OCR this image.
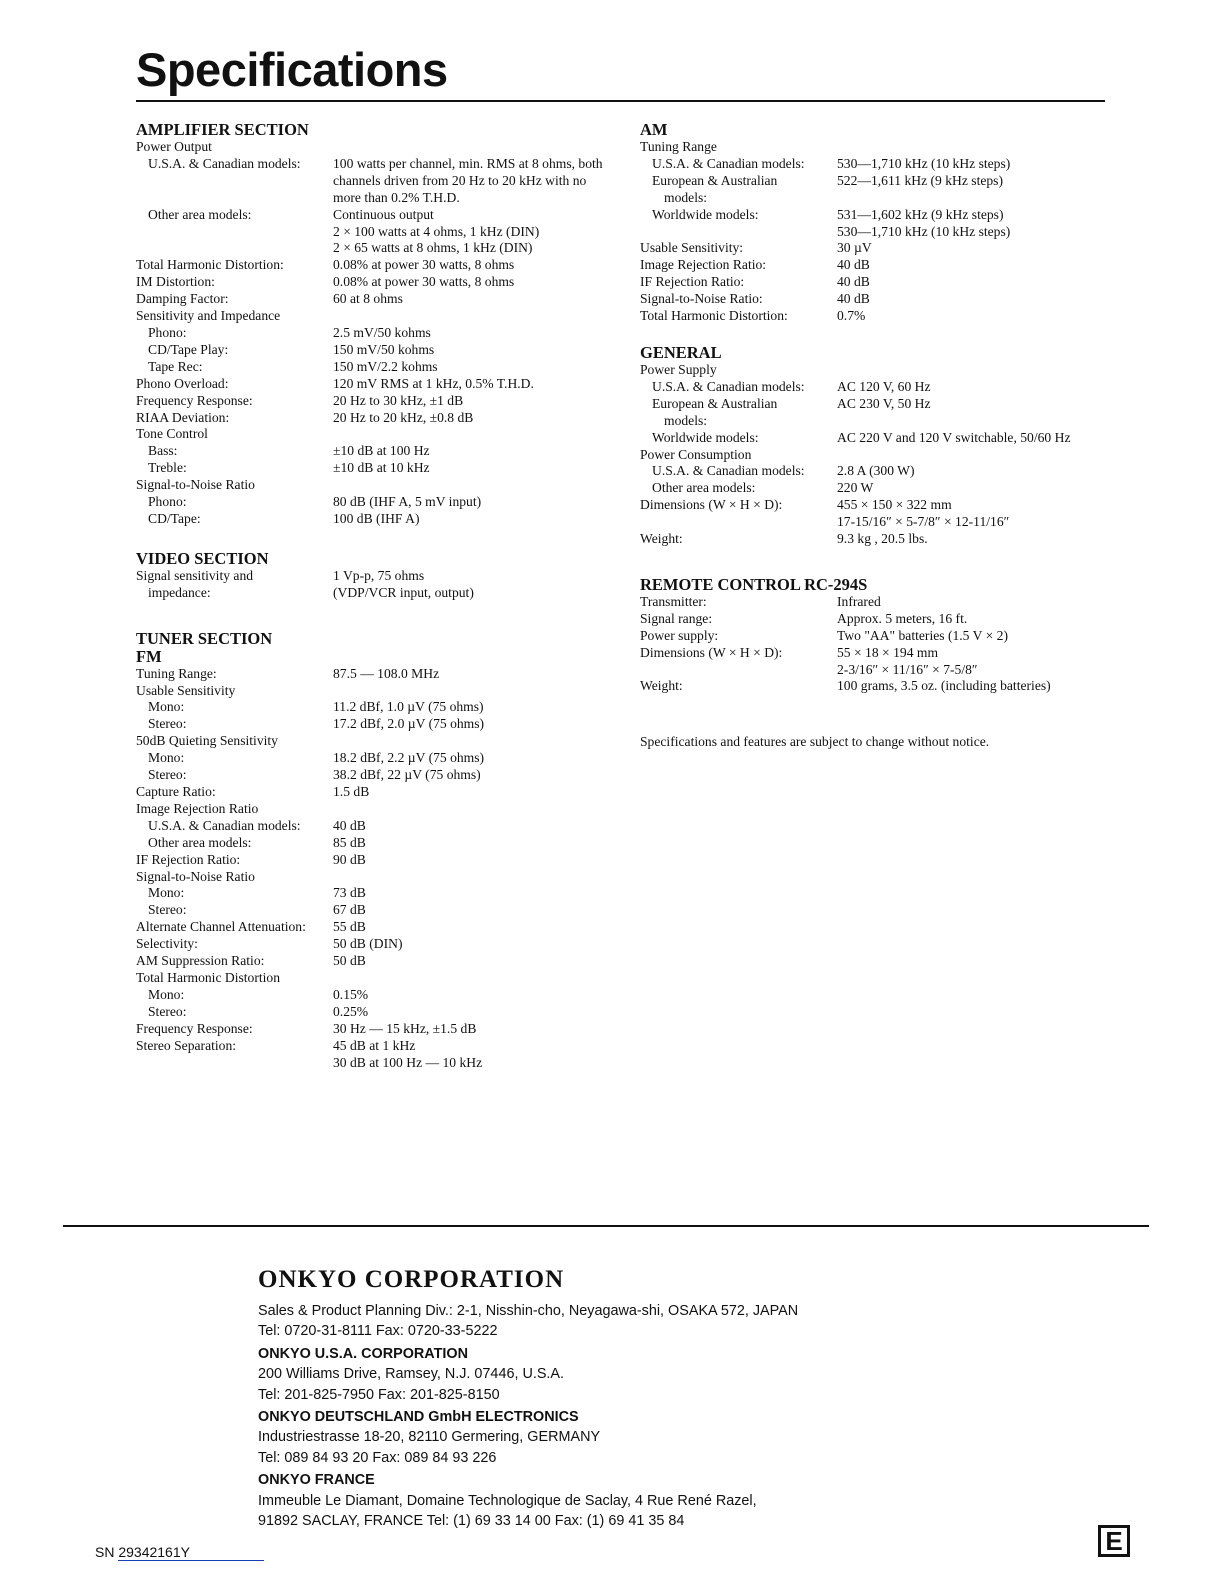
Specifications
AMPLIFIER SECTION
Power Output
U.S.A. & Canadian models:	100 watts per channel, min. RMS at 8 ohms, both channels driven from 20 Hz to 20 kHz with no more than 0.2% T.H.D.
Other area models:	Continuous output
2 × 100 watts at 4 ohms, 1 kHz (DIN)
2 × 65 watts at 8 ohms, 1 kHz (DIN)
Total Harmonic Distortion:	0.08% at power 30 watts, 8 ohms
IM Distortion:	0.08% at power 30 watts, 8 ohms
Damping Factor:	60 at 8 ohms
Sensitivity and Impedance
Phono:	2.5 mV/50 kohms
CD/Tape Play:	150 mV/50 kohms
Tape Rec:	150 mV/2.2 kohms
Phono Overload:	120 mV RMS at 1 kHz, 0.5% T.H.D.
Frequency Response:	20 Hz to 30 kHz, ±1 dB
RIAA Deviation:	20 Hz to 20 kHz, ±0.8 dB
Tone Control
Bass:	±10 dB at 100 Hz
Treble:	±10 dB at 10 kHz
Signal-to-Noise Ratio
Phono:	80 dB (IHF A, 5 mV input)
CD/Tape:	100 dB (IHF A)
VIDEO SECTION
Signal sensitivity and	1 Vp-p, 75 ohms
impedance:	(VDP/VCR input, output)
TUNER SECTION
FM
Tuning Range:	87.5 — 108.0 MHz
Usable Sensitivity
Mono:	11.2 dBf, 1.0 µV (75 ohms)
Stereo:	17.2 dBf, 2.0 µV (75 ohms)
50dB Quieting Sensitivity
Mono:	18.2 dBf, 2.2 µV (75 ohms)
Stereo:	38.2 dBf, 22 µV (75 ohms)
Capture Ratio:	1.5 dB
Image Rejection Ratio
U.S.A. & Canadian models:	40 dB
Other area models:	85 dB
IF Rejection Ratio:	90 dB
Signal-to-Noise Ratio
Mono:	73 dB
Stereo:	67 dB
Alternate Channel Attenuation:	55 dB
Selectivity:	50 dB (DIN)
AM Suppression Ratio:	50 dB
Total Harmonic Distortion
Mono:	0.15%
Stereo:	0.25%
Frequency Response:	30 Hz — 15 kHz, ±1.5 dB
Stereo Separation:	45 dB at 1 kHz
30 dB at 100 Hz — 10 kHz
AM
Tuning Range
U.S.A. & Canadian models:	530—1,710 kHz (10 kHz steps)
European & Australian	522—1,611 kHz (9 kHz steps)
models:
Worldwide models:	531—1,602 kHz (9 kHz steps)
530—1,710 kHz (10 kHz steps)
Usable Sensitivity:	30 µV
Image Rejection Ratio:	40 dB
IF Rejection Ratio:	40 dB
Signal-to-Noise Ratio:	40 dB
Total Harmonic Distortion:	0.7%
GENERAL
Power Supply
U.S.A. & Canadian models:	AC 120 V, 60 Hz
European & Australian	AC 230 V, 50 Hz
models:
Worldwide models:	AC 220 V and 120 V switchable, 50/60 Hz
Power Consumption
U.S.A. & Canadian models:	2.8 A (300 W)
Other area models:	220 W
Dimensions (W × H × D):	455 × 150 × 322 mm
17-15/16″ × 5-7/8″ × 12-11/16″
Weight:	9.3 kg , 20.5 lbs.
REMOTE CONTROL RC-294S
Transmitter:	Infrared
Signal range:	Approx. 5 meters, 16 ft.
Power supply:	Two "AA" batteries (1.5 V × 2)
Dimensions (W × H × D):	55 × 18 × 194 mm
2-3/16″ × 11/16″ × 7-5/8″
Weight:	100 grams, 3.5 oz. (including batteries)
Specifications and features are subject to change without notice.
ONKYO CORPORATION
Sales & Product Planning Div.: 2-1, Nisshin-cho, Neyagawa-shi, OSAKA 572, JAPAN
Tel: 0720-31-8111 Fax: 0720-33-5222
ONKYO U.S.A. CORPORATION
200 Williams Drive, Ramsey, N.J. 07446, U.S.A.
Tel: 201-825-7950 Fax: 201-825-8150
ONKYO DEUTSCHLAND GmbH ELECTRONICS
Industriestrasse 18-20, 82110 Germering, GERMANY
Tel: 089 84 93 20 Fax: 089 84 93 226
ONKYO FRANCE
Immeuble Le Diamant, Domaine Technologique de Saclay, 4 Rue René Razel,
91892 SACLAY, FRANCE Tel: (1) 69 33 14 00 Fax: (1) 69 41 35 84
SN 29342161Y	E
